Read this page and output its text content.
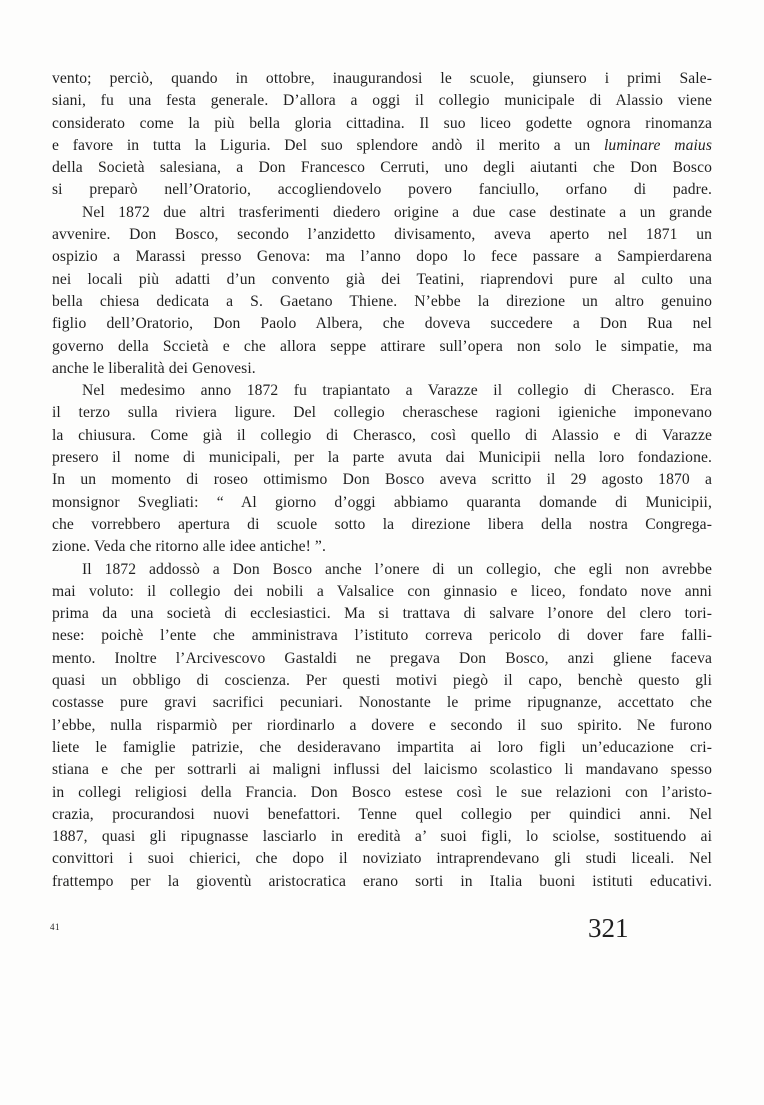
vento; perciò, quando in ottobre, inaugurandosi le scuole, giunsero i primi Sale-
siani, fu una festa generale. D’allora a oggi il collegio municipale di Alassio viene
considerato come la più bella gloria cittadina. Il suo liceo godette ognora rinomanza
e favore in tutta la Liguria. Del suo splendore andò il merito a un luminare maius
della Società salesiana, a Don Francesco Cerruti, uno degli aiutanti che Don Bosco
si preparò nell’Oratorio, accogliendovelo povero fanciullo, orfano di padre.
Nel 1872 due altri trasferimenti diedero origine a due case destinate a un grande
avvenire. Don Bosco, secondo l’anzidetto divisamento, aveva aperto nel 1871 un
ospizio a Marassi presso Genova: ma l’anno dopo lo fece passare a Sampierdarena
nei locali più adatti d’un convento già dei Teatini, riaprendovi pure al culto una
bella chiesa dedicata a S. Gaetano Thiene. N’ebbe la direzione un altro genuino
figlio dell’Oratorio, Don Paolo Albera, che doveva succedere a Don Rua nel
governo della Sccietà e che allora seppe attirare sull’opera non solo le simpatie, ma
anche le liberalità dei Genovesi.
Nel medesimo anno 1872 fu trapiantato a Varazze il collegio di Cherasco. Era
il terzo sulla riviera ligure. Del collegio cheraschese ragioni igieniche imponevano
la chiusura. Come già il collegio di Cherasco, così quello di Alassio e di Varazze
presero il nome di municipali, per la parte avuta dai Municipii nella loro fondazione.
In un momento di roseo ottimismo Don Bosco aveva scritto il 29 agosto 1870 a
monsignor Svegliati: “ Al giorno d’oggi abbiamo quaranta domande di Municipii,
che vorrebbero apertura di scuole sotto la direzione libera della nostra Congrega-
zione. Veda che ritorno alle idee antiche! ”.
Il 1872 addossò a Don Bosco anche l’onere di un collegio, che egli non avrebbe
mai voluto: il collegio dei nobili a Valsalice con ginnasio e liceo, fondato nove anni
prima da una società di ecclesiastici. Ma si trattava di salvare l’onore del clero tori-
nese: poichè l’ente che amministrava l’istituto correva pericolo di dover fare falli-
mento. Inoltre l’Arcivescovo Gastaldi ne pregava Don Bosco, anzi gliene faceva
quasi un obbligo di coscienza. Per questi motivi piegò il capo, benchè questo gli
costasse pure gravi sacrifici pecuniari. Nonostante le prime ripugnanze, accettato che
l’ebbe, nulla risparmiò per riordinarlo a dovere e secondo il suo spirito. Ne furono
liete le famiglie patrizie, che desideravano impartita ai loro figli un’educazione cri-
stiana e che per sottrarli ai maligni influssi del laicismo scolastico li mandavano spesso
in collegi religiosi della Francia. Don Bosco estese così le sue relazioni con l’aristo-
crazia, procurandosi nuovi benefattori. Tenne quel collegio per quindici anni. Nel
1887, quasi gli ripugnasse lasciarlo in eredità a’ suoi figli, lo sciolse, sostituendo ai
convittori i suoi chierici, che dopo il noviziato intraprendevano gli studi liceali. Nel
frattempo per la gioventù aristocratica erano sorti in Italia buoni istituti educativi.
41	321
